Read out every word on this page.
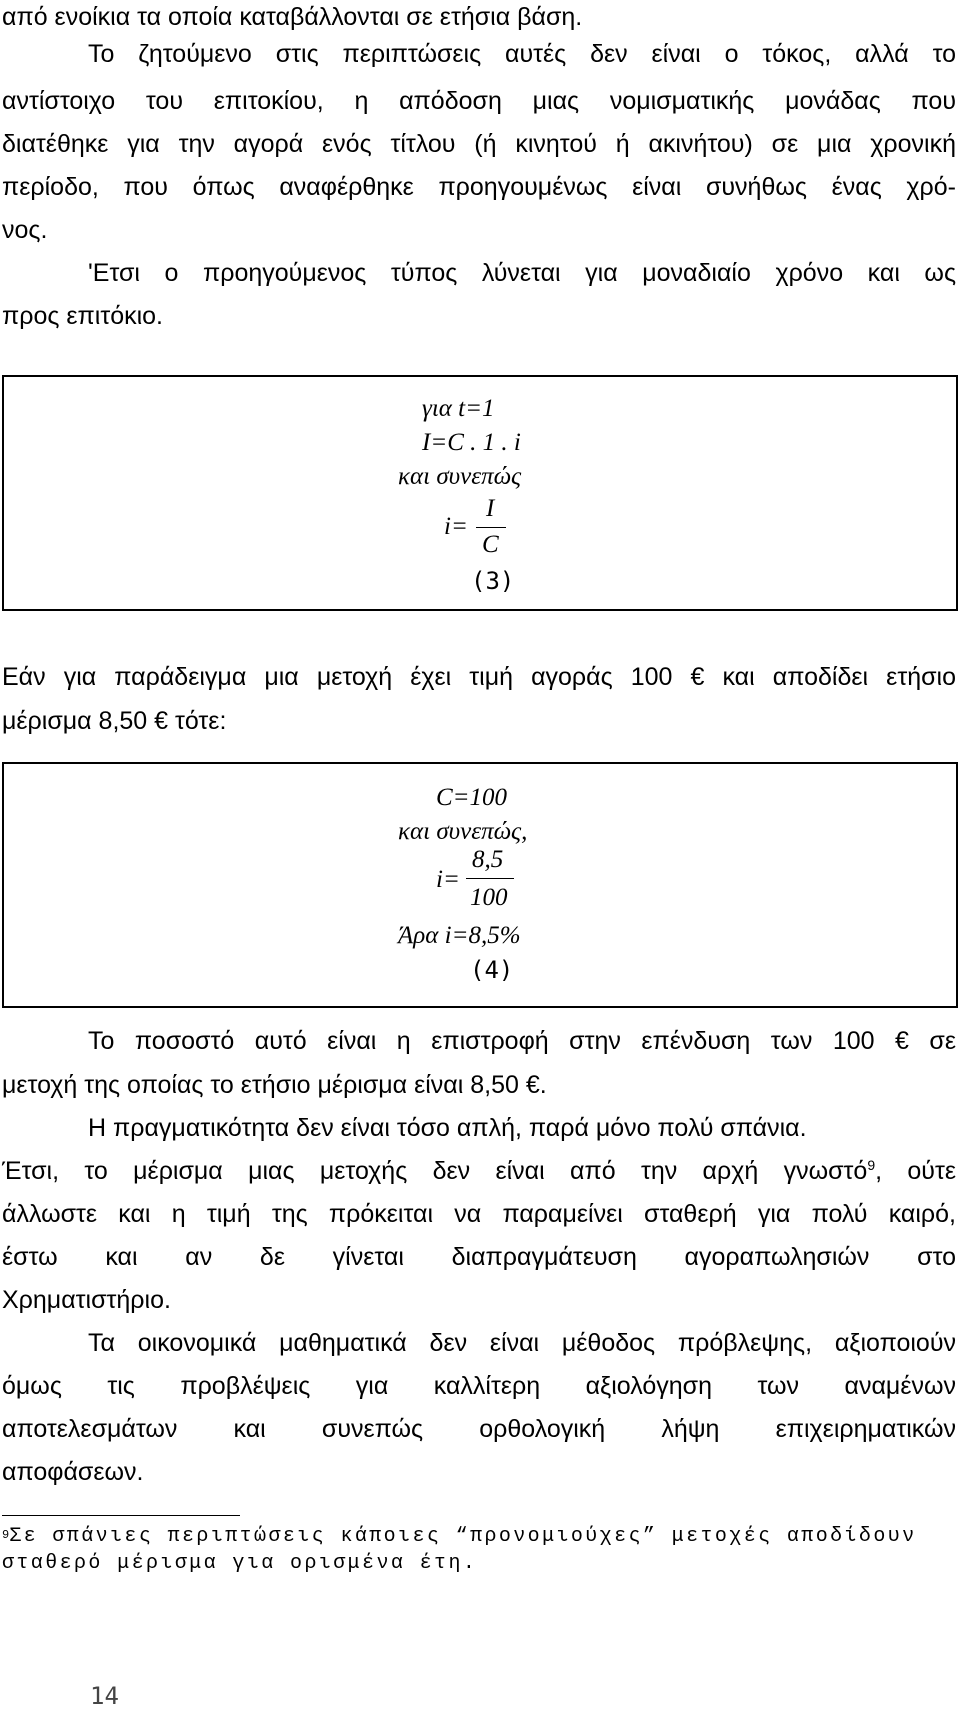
από ενοίκια τα οποία καταβάλλονται σε ετήσια βάση.
Το ζητούμενο στις περιπτώσεις αυτές δεν είναι ο τόκος, αλλά το
αντίστοιχο του επιτοκίου, η απόδοση μιας νομισματικής μονάδας που
διατέθηκε για την αγορά ενός τίτλου (ή κινητού ή ακινήτου) σε μια χρονική
περίοδο, που όπως αναφέρθηκε προηγουμένως είναι συνήθως ένας χρό-
νος.
'Ετσι ο προηγούμενος τύπος λύνεται για μοναδιαίο χρόνο και ως
προς επιτόκιο.
για t=1
I=C . 1 . i
και συνεπώς
I
i=
C
(3)
Εάν για παράδειγμα μια μετοχή έχει τιμή αγοράς 100 € και αποδίδει ετήσιο
μέρισμα 8,50 € τότε:
C=100
και συνεπώς,
8,5
i=
100
Άρα i=8,5%
(4)
Το ποσοστό αυτό είναι η επιστροφή στην επένδυση των 100 € σε
μετοχή της οποίας το ετήσιο μέρισμα είναι 8,50 €.
Η πραγματικότητα δεν είναι τόσο απλή, παρά μόνο πολύ σπάνια.
Έτσι, το μέρισμα μιας μετοχής δεν είναι από την αρχή γνωστό$^9$, ούτε
άλλωστε και η τιμή της πρόκειται να παραμείνει σταθερή για πολύ καιρό,
έστω και αν δε γίνεται διαπραγμάτευση αγοραπωλησιών στο
Χρηματιστήριο.
Τα οικονομικά μαθηματικά δεν είναι μέθοδος πρόβλεψης, αξιοποιούν
όμως τις προβλέψεις για καλλίτερη αξιολόγηση των αναμένων
αποτελεσμάτων και συνεπώς ορθολογική λήψη επιχειρηματικών
αποφάσεων.
$^9$Σε σπάνιες περιπτώσεις κάποιες “προνομιούχες” μετοχές αποδίδουν
σταθερό μέρισμα για ορισμένα έτη.
14
